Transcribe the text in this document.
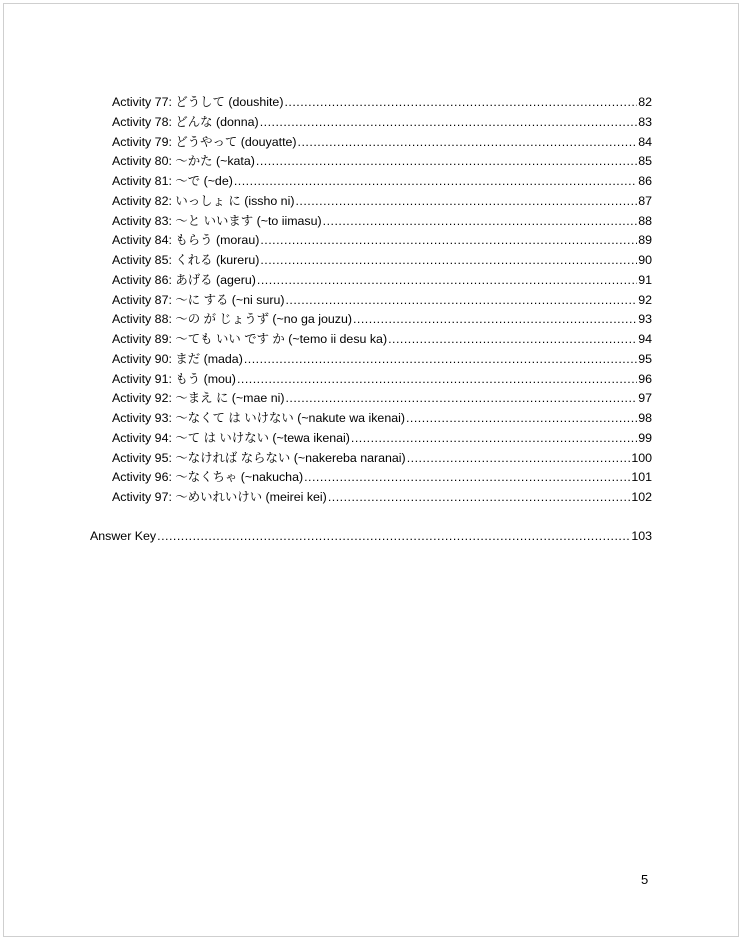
Activity 77: どうして (doushite) .....	82
Activity 78: どんな (donna) .....	83
Activity 79: どうやって (douyatte) .....	84
Activity 80: ～かた (~kata) .....	85
Activity 81: ～で (~de) .....	86
Activity 82: いっしょ に (issho ni) .....	87
Activity 83: ～と いいます (~to iimasu) .....	88
Activity 84: もらう (morau) .....	89
Activity 85: くれる (kureru) .....	90
Activity 86: あげる (ageru) .....	91
Activity 87: ～に する (~ni suru) .....	92
Activity 88: ～の が じょうず (~no ga jouzu) .....	93
Activity 89: ～ても いい です か (~temo ii desu ka) .....	94
Activity 90: まだ (mada) .....	95
Activity 91: もう (mou) .....	96
Activity 92: ～まえ に (~mae ni) .....	97
Activity 93: ～なくて は いけない (~nakute wa ikenai) .....	98
Activity 94: ～て は いけない (~tewa ikenai) .....	99
Activity 95: ～なければ ならない (~nakereba naranai) .....	100
Activity 96: ～なくちゃ (~nakucha) .....	101
Activity 97: ～めいれいけい (meirei kei) .....	102
Answer Key .....	103
5
